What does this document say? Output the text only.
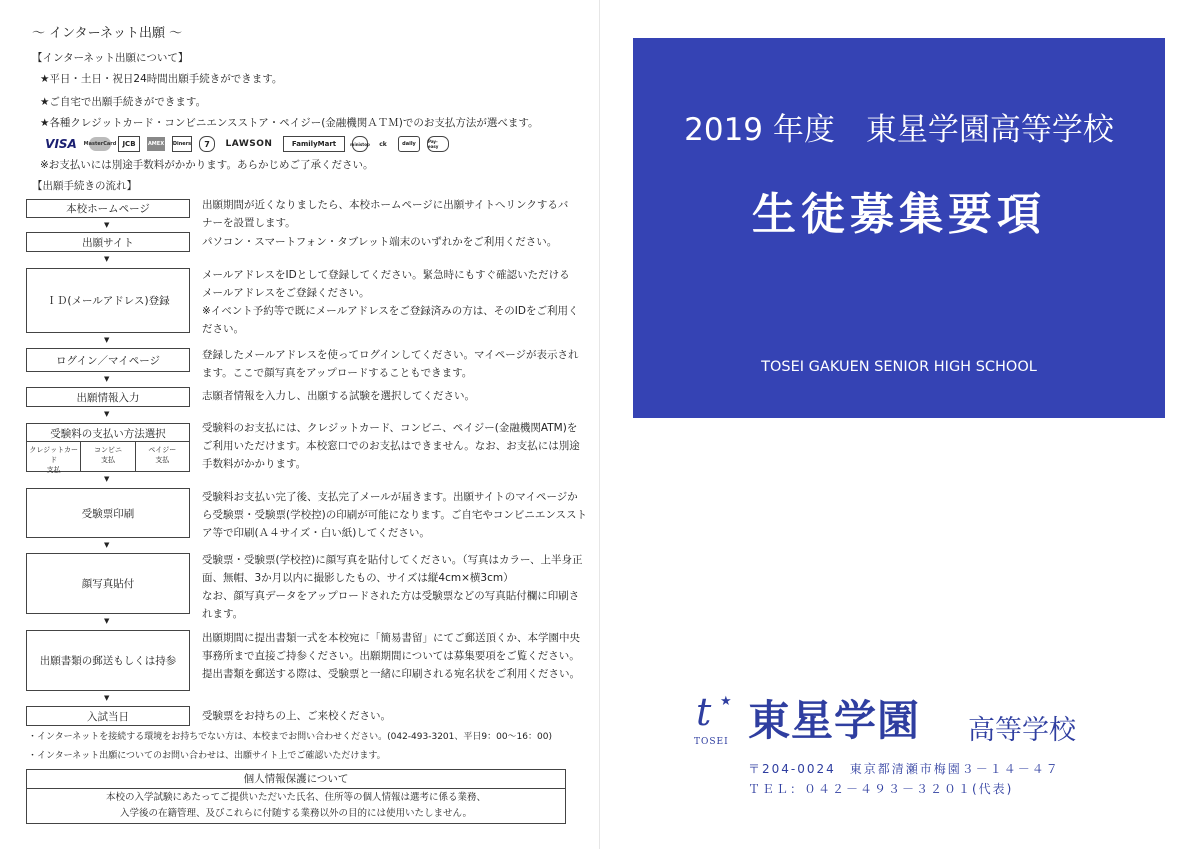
～ インターネット出願 ～
【インターネット出願について】
★平日・土日・祝日24時間出願手続きができます。
★ご自宅で出願手続きができます。
★各種クレジットカード・コンビニエンスストア・ペイジー(金融機関ＡＴＭ)でのお支払方法が選べます。
VISA	MasterCard JCB	AMEX Diners	7	LAWSON	FamilyMart	ministop	ck	daily	Pay-easy
※お支払いには別途手数料がかかります。あらかじめご了承ください。
【出願手続きの流れ】
本校ホームページ
▼
出願期間が近くなりましたら、本校ホームページに出願サイトへリンクするバ
ナーを設置します。
出願サイト
▼
パソコン・スマートフォン・タブレット端末のいずれかをご利用ください。
ＩＤ(メールアドレス)登録
▼
メールアドレスをIDとして登録してください。緊急時にもすぐ確認いただける
メールアドレスをご登録ください。
※イベント予約等で既にメールアドレスをご登録済みの方は、そのIDをご利用く
ださい。
ログイン／マイページ
▼
登録したメールアドレスを使ってログインしてください。マイページが表示され
ます。ここで顔写真をアップロードすることもできます。
出願情報入力
▼
志願者情報を入力し、出願する試験を選択してください。
受験料の支払い方法選択
クレジットカード
支払
コンビニ
支払
ペイジー
支払
▼
受験料のお支払には、クレジットカード、コンビニ、ペイジー(金融機関ATM)を
ご利用いただけます。本校窓口でのお支払はできません。なお、お支払には別途
手数料がかかります。
受験票印刷
▼
受験料お支払い完了後、支払完了メールが届きます。出願サイトのマイページか
ら受験票・受験票(学校控)の印刷が可能になります。ご自宅やコンビニエンススト
ア等で印刷(Ａ４サイズ・白い紙)してください。
顔写真貼付
▼
受験票・受験票(学校控)に顔写真を貼付してください。（写真はカラー、上半身正
面、無帽、3か月以内に撮影したもの、サイズは縦4cm×横3cm）
なお、顔写真データをアップロードされた方は受験票などの写真貼付欄に印刷さ
れます。
出願書類の郵送もしくは持参
▼
出願期間に提出書類一式を本校宛に「簡易書留」にてご郵送頂くか、本学園中央
事務所まで直接ご持参ください。出願期間については募集要項をご覧ください。
提出書類を郵送する際は、受験票と一緒に印刷される宛名状をご利用ください。
入試当日	受験票をお持ちの上、ご来校ください。
・インターネットを接続する環境をお持ちでない方は、本校までお問い合わせください。(042-493-3201、平日9：00～16：00)
・インターネット出願についてのお問い合わせは、出願サイト上でご確認いただけます。
個人情報保護について
本校の入学試験にあたってご提供いただいた氏名、住所等の個人情報は選考に係る業務、
入学後の在籍管理、及びこれらに付随する業務以外の目的には使用いたしません。
2019 年度　東星学園高等学校
生徒募集要項
TOSEI GAKUEN SENIOR HIGH SCHOOL
t ★
TOSEI 東星学園 高等学校
〒204-0024　東京都清瀬市梅園３－１４－４７
ＴＥＬ：０４２－４９３－３２０１(代表)
